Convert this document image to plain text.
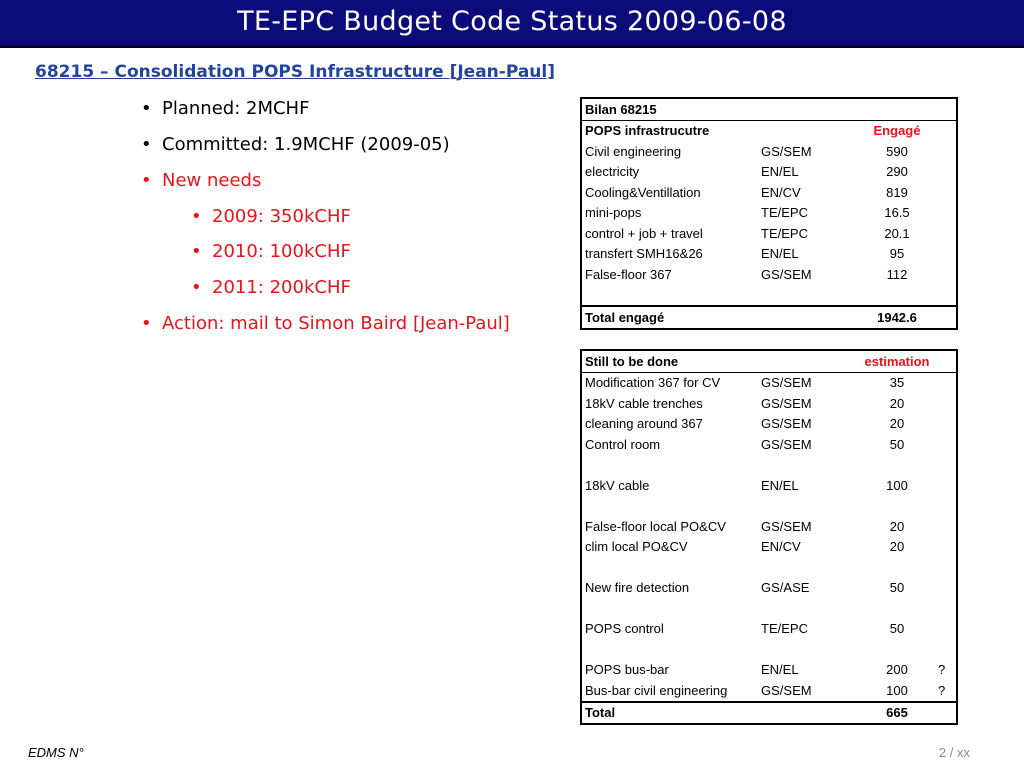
TE-EPC Budget Code Status 2009-06-08
68215 – Consolidation POPS Infrastructure [Jean-Paul]
• Planned: 2MCHF
• Committed: 1.9MCHF (2009-05)
• New needs
• 2009: 350kCHF
• 2010: 100kCHF
• 2011: 200kCHF
• Action: mail to Simon Baird [Jean-Paul]
Bilan 68215			
POPS infrastrucutre		Engagé	
Civil engineering	GS/SEM	590	
electricity	EN/EL	290	
Cooling&Ventillation	EN/CV	819	
mini-pops	TE/EPC	16.5	
control + job + travel	TE/EPC	20.1	
transfert SMH16&26	EN/EL	95	
False-floor 367	GS/SEM	112	

Total engagé		1942.6	
Still to be done		estimation	
Modification 367 for CV	GS/SEM	35	
18kV cable trenches	GS/SEM	20	
cleaning around 367	GS/SEM	20	
Control room	GS/SEM	50	

18kV cable	EN/EL	100	

False-floor local PO&CV	GS/SEM	20	
clim local PO&CV	EN/CV	20	

New fire detection	GS/ASE	50	

POPS control	TE/EPC	50	

POPS bus-bar	EN/EL	200	?
Bus-bar civil engineering	GS/SEM	100	?
Total		665	
EDMS N°	2 / xx
